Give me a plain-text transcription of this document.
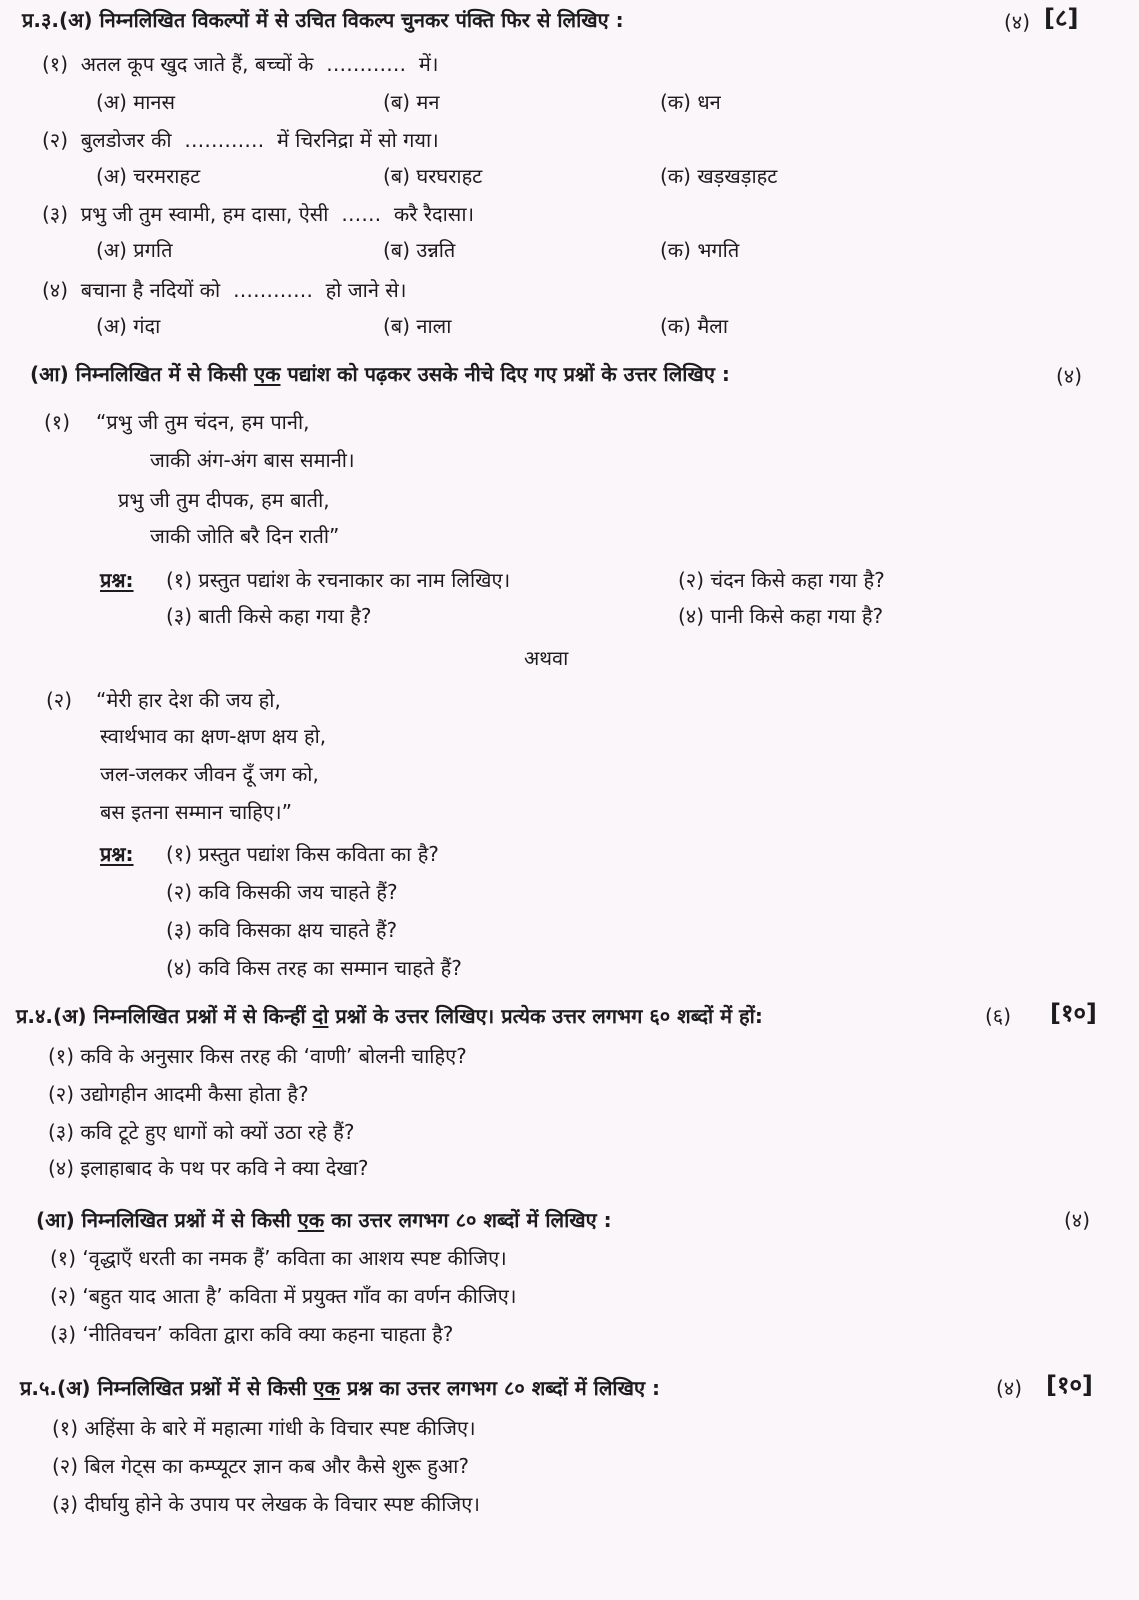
प्र.३.(अ) निम्नलिखित विकल्पों में से उचित विकल्प चुनकर पंक्ति फिर से लिखिए :	(४) [८]
(१) अतल कूप खुद जाते हैं, बच्चों के ………… में।
(अ) मानस	(ब) मन	(क) धन
(२) बुलडोजर की ………… में चिरनिद्रा में सो गया।
(अ) चरमराहट	(ब) घरघराहट	(क) खड़खड़ाहट
(३) प्रभु जी तुम स्वामी, हम दासा, ऐसी …… करै रैदासा।
(अ) प्रगति	(ब) उन्नति	(क) भगति
(४) बचाना है नदियों को ………… हो जाने से।
(अ) गंदा	(ब) नाला	(क) मैला
(आ) निम्नलिखित में से किसी एक पद्यांश को पढ़कर उसके नीचे दिए गए प्रश्नों के उत्तर लिखिए :	(४)
(१) “प्रभु जी तुम चंदन, हम पानी,
जाकी अंग-अंग बास समानी।
प्रभु जी तुम दीपक, हम बाती,
जाकी जोति बरै दिन राती”
प्रश्न: (१) प्रस्तुत पद्यांश के रचनाकार का नाम लिखिए।	(२) चंदन किसे कहा गया है?
(३) बाती किसे कहा गया है?	(४) पानी किसे कहा गया है?
अथवा
(२) “मेरी हार देश की जय हो,
स्वार्थभाव का क्षण-क्षण क्षय हो,
जल-जलकर जीवन दूँ जग को,
बस इतना सम्मान चाहिए।”
प्रश्न: (१) प्रस्तुत पद्यांश किस कविता का है?
(२) कवि किसकी जय चाहते हैं?
(३) कवि किसका क्षय चाहते हैं?
(४) कवि किस तरह का सम्मान चाहते हैं?
प्र.४.(अ) निम्नलिखित प्रश्नों में से किन्हीं दो प्रश्नों के उत्तर लिखिए। प्रत्येक उत्तर लगभग ६० शब्दों में हों:	(६) [१०]
(१) कवि के अनुसार किस तरह की ‘वाणी’ बोलनी चाहिए?
(२) उद्योगहीन आदमी कैसा होता है?
(३) कवि टूटे हुए धागों को क्यों उठा रहे हैं?
(४) इलाहाबाद के पथ पर कवि ने क्या देखा?
(आ) निम्नलिखित प्रश्नों में से किसी एक का उत्तर लगभग ८० शब्दों में लिखिए :	(४)
(१) ‘वृद्धाएँ धरती का नमक हैं’ कविता का आशय स्पष्ट कीजिए।
(२) ‘बहुत याद आता है’ कविता में प्रयुक्त गाँव का वर्णन कीजिए।
(३) ‘नीतिवचन’ कविता द्वारा कवि क्या कहना चाहता है?
प्र.५.(अ) निम्नलिखित प्रश्नों में से किसी एक प्रश्न का उत्तर लगभग ८० शब्दों में लिखिए :	(४) [१०]
(१) अहिंसा के बारे में महात्मा गांधी के विचार स्पष्ट कीजिए।
(२) बिल गेट्स का कम्प्यूटर ज्ञान कब और कैसे शुरू हुआ?
(३) दीर्घायु होने के उपाय पर लेखक के विचार स्पष्ट कीजिए।
